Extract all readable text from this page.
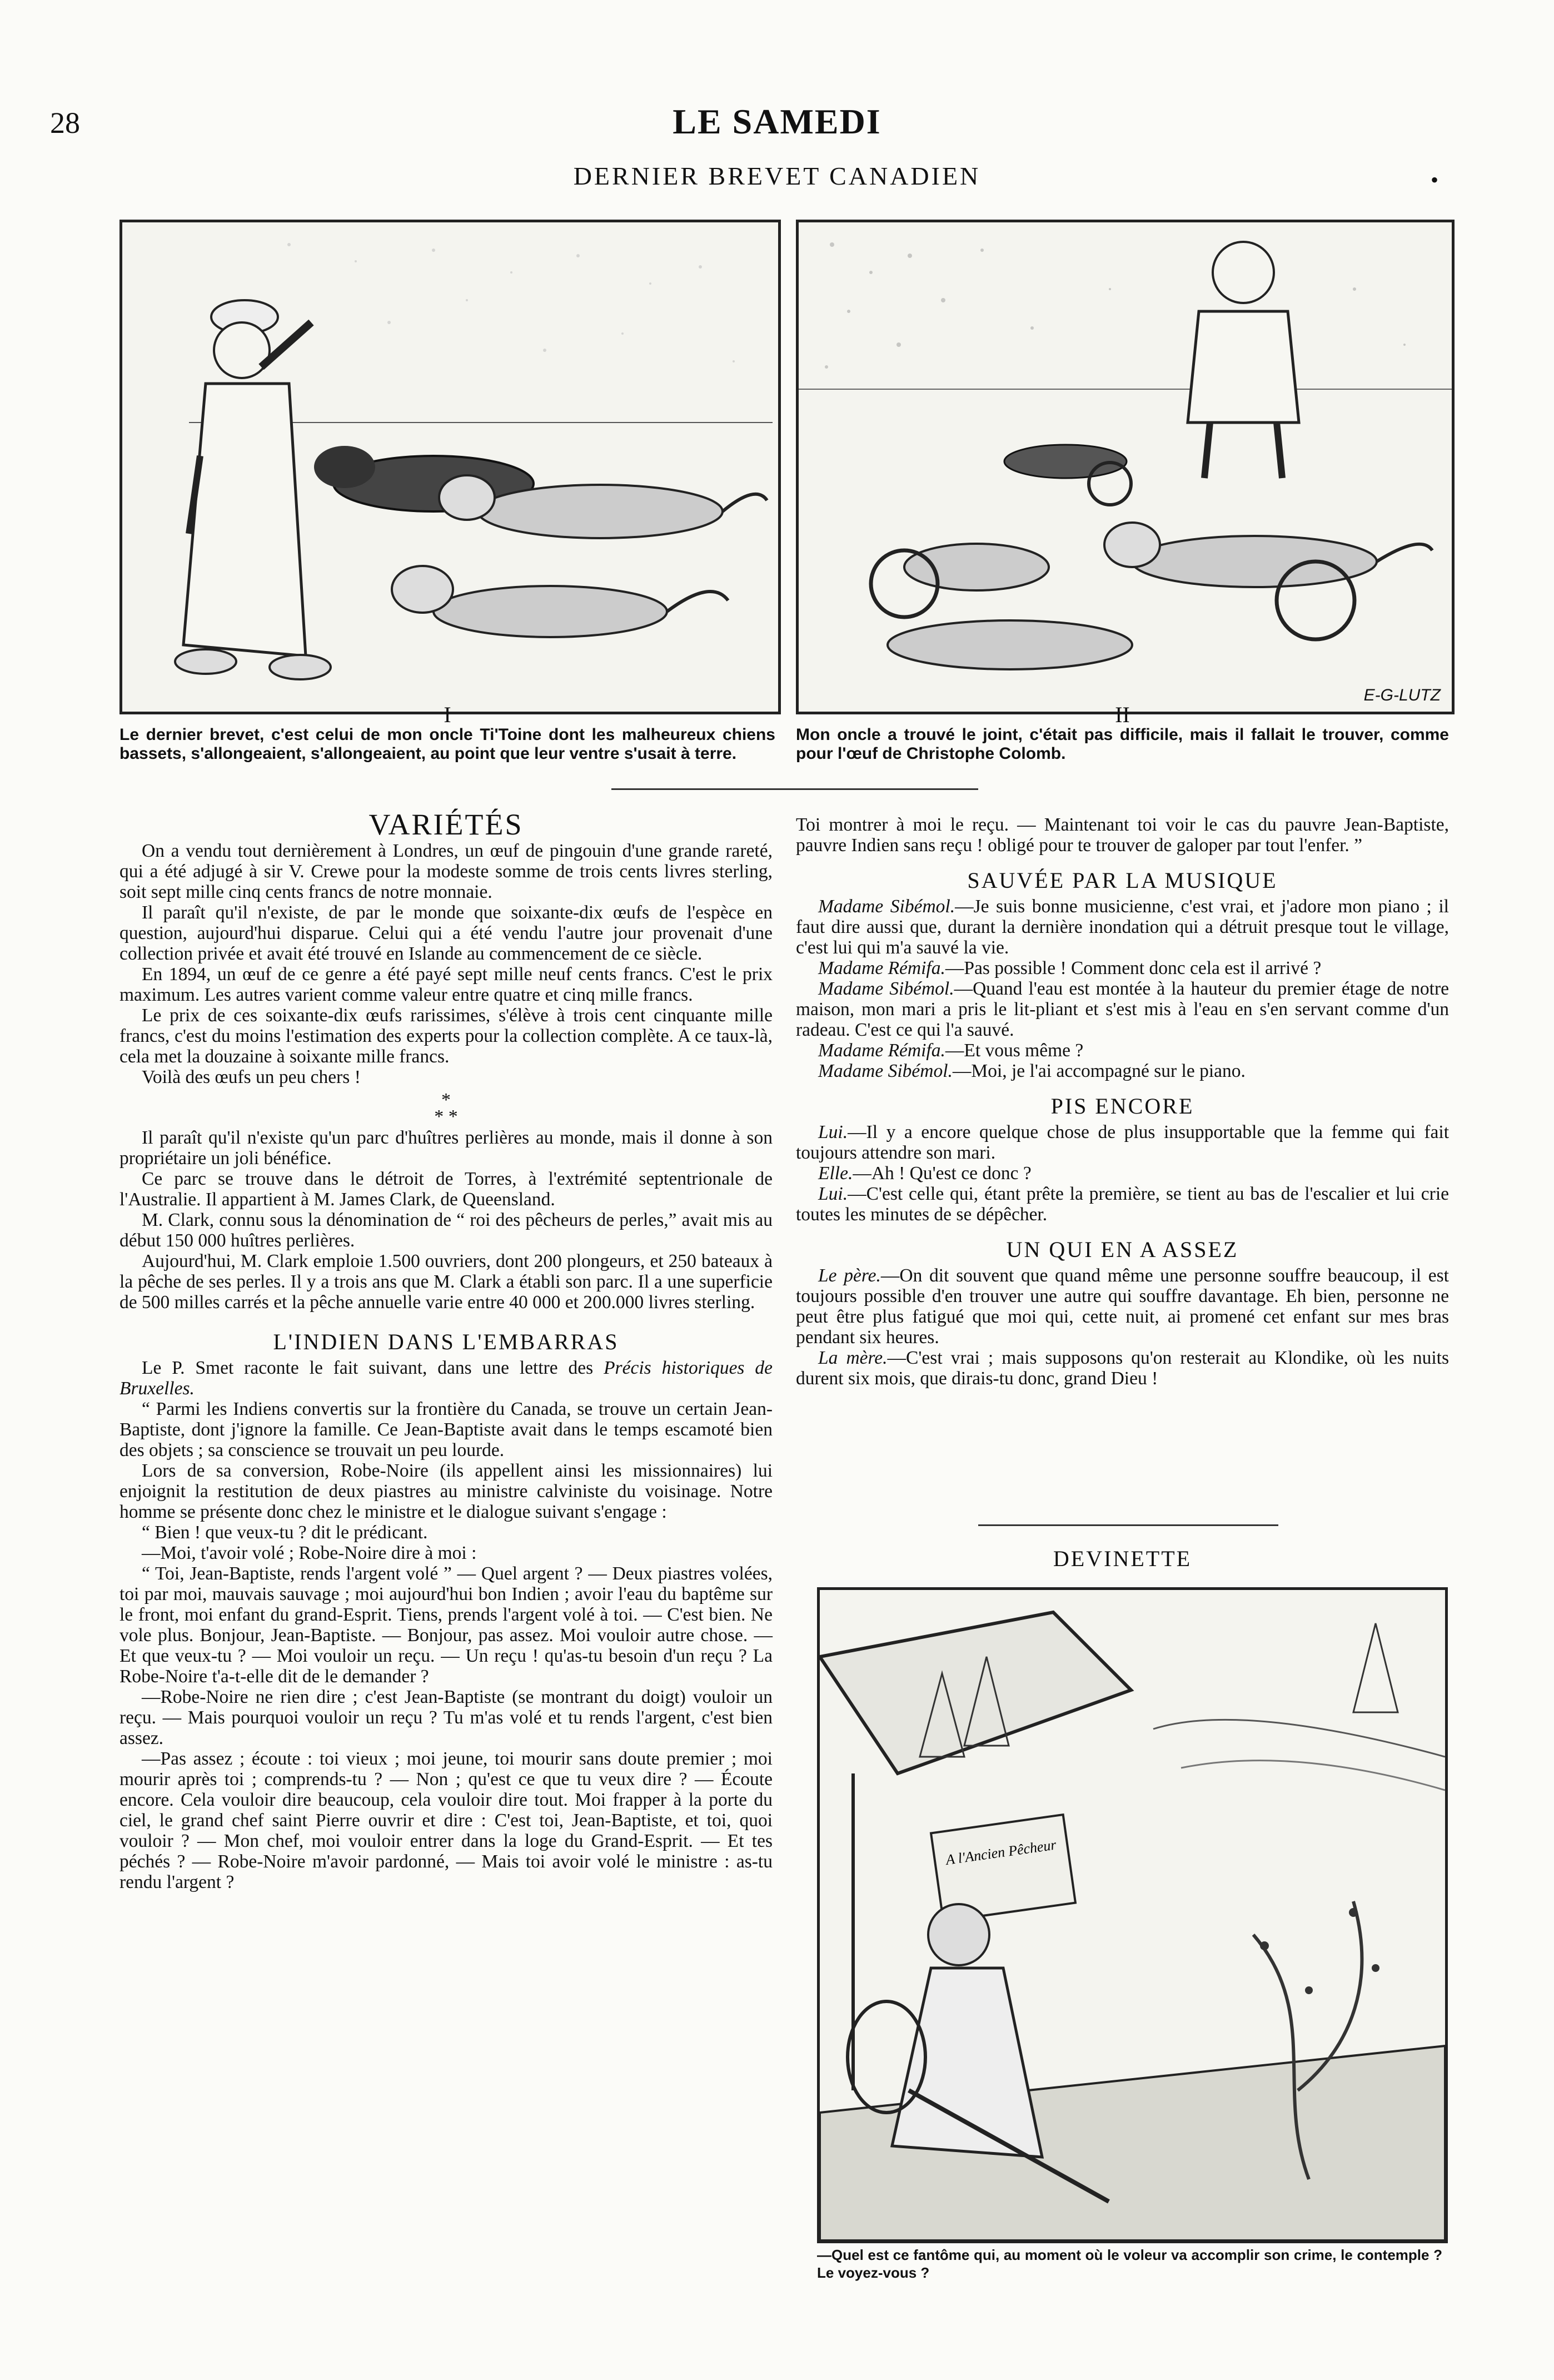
28	LE SAMEDI
DERNIER BREVET CANADIEN	•
E-G-LUTZ
I
Le dernier brevet, c'est celui de mon oncle Ti'Toine dont les malheureux chiens bassets, s'allongeaient, s'allongeaient, au point que leur ventre s'usait à terre.
II
Mon oncle a trouvé le joint, c'était pas difficile, mais il fallait le trouver, comme pour l'œuf de Christophe Colomb.
VARIÉTÉS

On a vendu tout dernièrement à Londres, un œuf de pingouin d'une grande rareté, qui a été adjugé à sir V. Crewe pour la modeste somme de trois cents livres sterling, soit sept mille cinq cents francs de notre monnaie.

Il paraît qu'il n'existe, de par le monde que soixante-dix œufs de l'espèce en question, aujourd'hui disparue. Celui qui a été vendu l'autre jour provenait d'une collection privée et avait été trouvé en Islande au commencement de ce siècle.

En 1894, un œuf de ce genre a été payé sept mille neuf cents francs. C'est le prix maximum. Les autres varient comme valeur entre quatre et cinq mille francs.

Le prix de ces soixante-dix œufs rarissimes, s'élève à trois cent cinquante mille francs, c'est du moins l'estimation des experts pour la collection complète. A ce taux-là, cela met la douzaine à soixante mille francs.

Voilà des œufs un peu chers !

*
* *

Il paraît qu'il n'existe qu'un parc d'huîtres perlières au monde, mais il donne à son propriétaire un joli bénéfice.

Ce parc se trouve dans le détroit de Torres, à l'extrémité septentrionale de l'Australie. Il appartient à M. James Clark, de Queensland.

M. Clark, connu sous la dénomination de “ roi des pêcheurs de perles,” avait mis au début 150 000 huîtres perlières.

Aujourd'hui, M. Clark emploie 1.500 ouvriers, dont 200 plongeurs, et 250 bateaux à la pêche de ses perles. Il y a trois ans que M. Clark a établi son parc. Il a une superficie de 500 milles carrés et la pêche annuelle varie entre 40 000 et 200.000 livres sterling.

L'INDIEN DANS L'EMBARRAS

Le P. Smet raconte le fait suivant, dans une lettre des Précis historiques de Bruxelles.

“ Parmi les Indiens convertis sur la frontière du Canada, se trouve un certain Jean-Baptiste, dont j'ignore la famille. Ce Jean-Baptiste avait dans le temps escamoté bien des objets ; sa conscience se trouvait un peu lourde.

Lors de sa conversion, Robe-Noire (ils appellent ainsi les missionnaires) lui enjoignit la restitution de deux piastres au ministre calviniste du voisinage. Notre homme se présente donc chez le ministre et le dialogue suivant s'engage :

“ Bien ! que veux-tu ? dit le prédicant.

—Moi, t'avoir volé ; Robe-Noire dire à moi :

“ Toi, Jean-Baptiste, rends l'argent volé ” — Quel argent ? — Deux piastres volées, toi par moi, mauvais sauvage ; moi aujourd'hui bon Indien ; avoir l'eau du baptême sur le front, moi enfant du grand-Esprit. Tiens, prends l'argent volé à toi. — C'est bien. Ne vole plus. Bonjour, Jean-Baptiste. — Bonjour, pas assez. Moi vouloir autre chose. — Et que veux-tu ? — Moi vouloir un reçu. — Un reçu ! qu'as-tu besoin d'un reçu ? La Robe-Noire t'a-t-elle dit de le demander ?

—Robe-Noire ne rien dire ; c'est Jean-Baptiste (se montrant du doigt) vouloir un reçu. — Mais pourquoi vouloir un reçu ? Tu m'as volé et tu rends l'argent, c'est bien assez.

—Pas assez ; écoute : toi vieux ; moi jeune, toi mourir sans doute premier ; moi mourir après toi ; comprends-tu ? — Non ; qu'est ce que tu veux dire ? — Écoute encore. Cela vouloir dire beaucoup, cela vouloir dire tout. Moi frapper à la porte du ciel, le grand chef saint Pierre ouvrir et dire : C'est toi, Jean-Baptiste, et toi, quoi vouloir ? — Mon chef, moi vouloir entrer dans la loge du Grand-Esprit. — Et tes péchés ? — Robe-Noire m'avoir pardonné, — Mais toi avoir volé le ministre : as-tu rendu l'argent ?

Toi montrer à moi le reçu. — Maintenant toi voir le cas du pauvre Jean-Baptiste, pauvre Indien sans reçu ! obligé pour te trouver de galoper par tout l'enfer. ”

SAUVÉE PAR LA MUSIQUE

Madame Sibémol.—Je suis bonne musicienne, c'est vrai, et j'adore mon piano ; il faut dire aussi que, durant la dernière inondation qui a détruit presque tout le village, c'est lui qui m'a sauvé la vie.

Madame Rémifa.—Pas possible ! Comment donc cela est il arrivé ?

Madame Sibémol.—Quand l'eau est montée à la hauteur du premier étage de notre maison, mon mari a pris le lit-pliant et s'est mis à l'eau en s'en servant comme d'un radeau. C'est ce qui l'a sauvé.

Madame Rémifa.—Et vous même ?

Madame Sibémol.—Moi, je l'ai accompagné sur le piano.

PIS ENCORE

Lui.—Il y a encore quelque chose de plus insupportable que la femme qui fait toujours attendre son mari.

Elle.—Ah ! Qu'est ce donc ?

Lui.—C'est celle qui, étant prête la première, se tient au bas de l'escalier et lui crie toutes les minutes de se dépêcher.

UN QUI EN A ASSEZ

Le père.—On dit souvent que quand même une personne souffre beaucoup, il est toujours possible d'en trouver une autre qui souffre davantage. Eh bien, personne ne peut être plus fatigué que moi qui, cette nuit, ai promené cet enfant sur mes bras pendant six heures.

La mère.—C'est vrai ; mais supposons qu'on resterait au Klondike, où les nuits durent six mois, que dirais-tu donc, grand Dieu !

DEVINETTE
A l'Ancien Pêcheur
—Quel est ce fantôme qui, au moment où le voleur va accomplir son crime, le contemple ? Le voyez-vous ?
